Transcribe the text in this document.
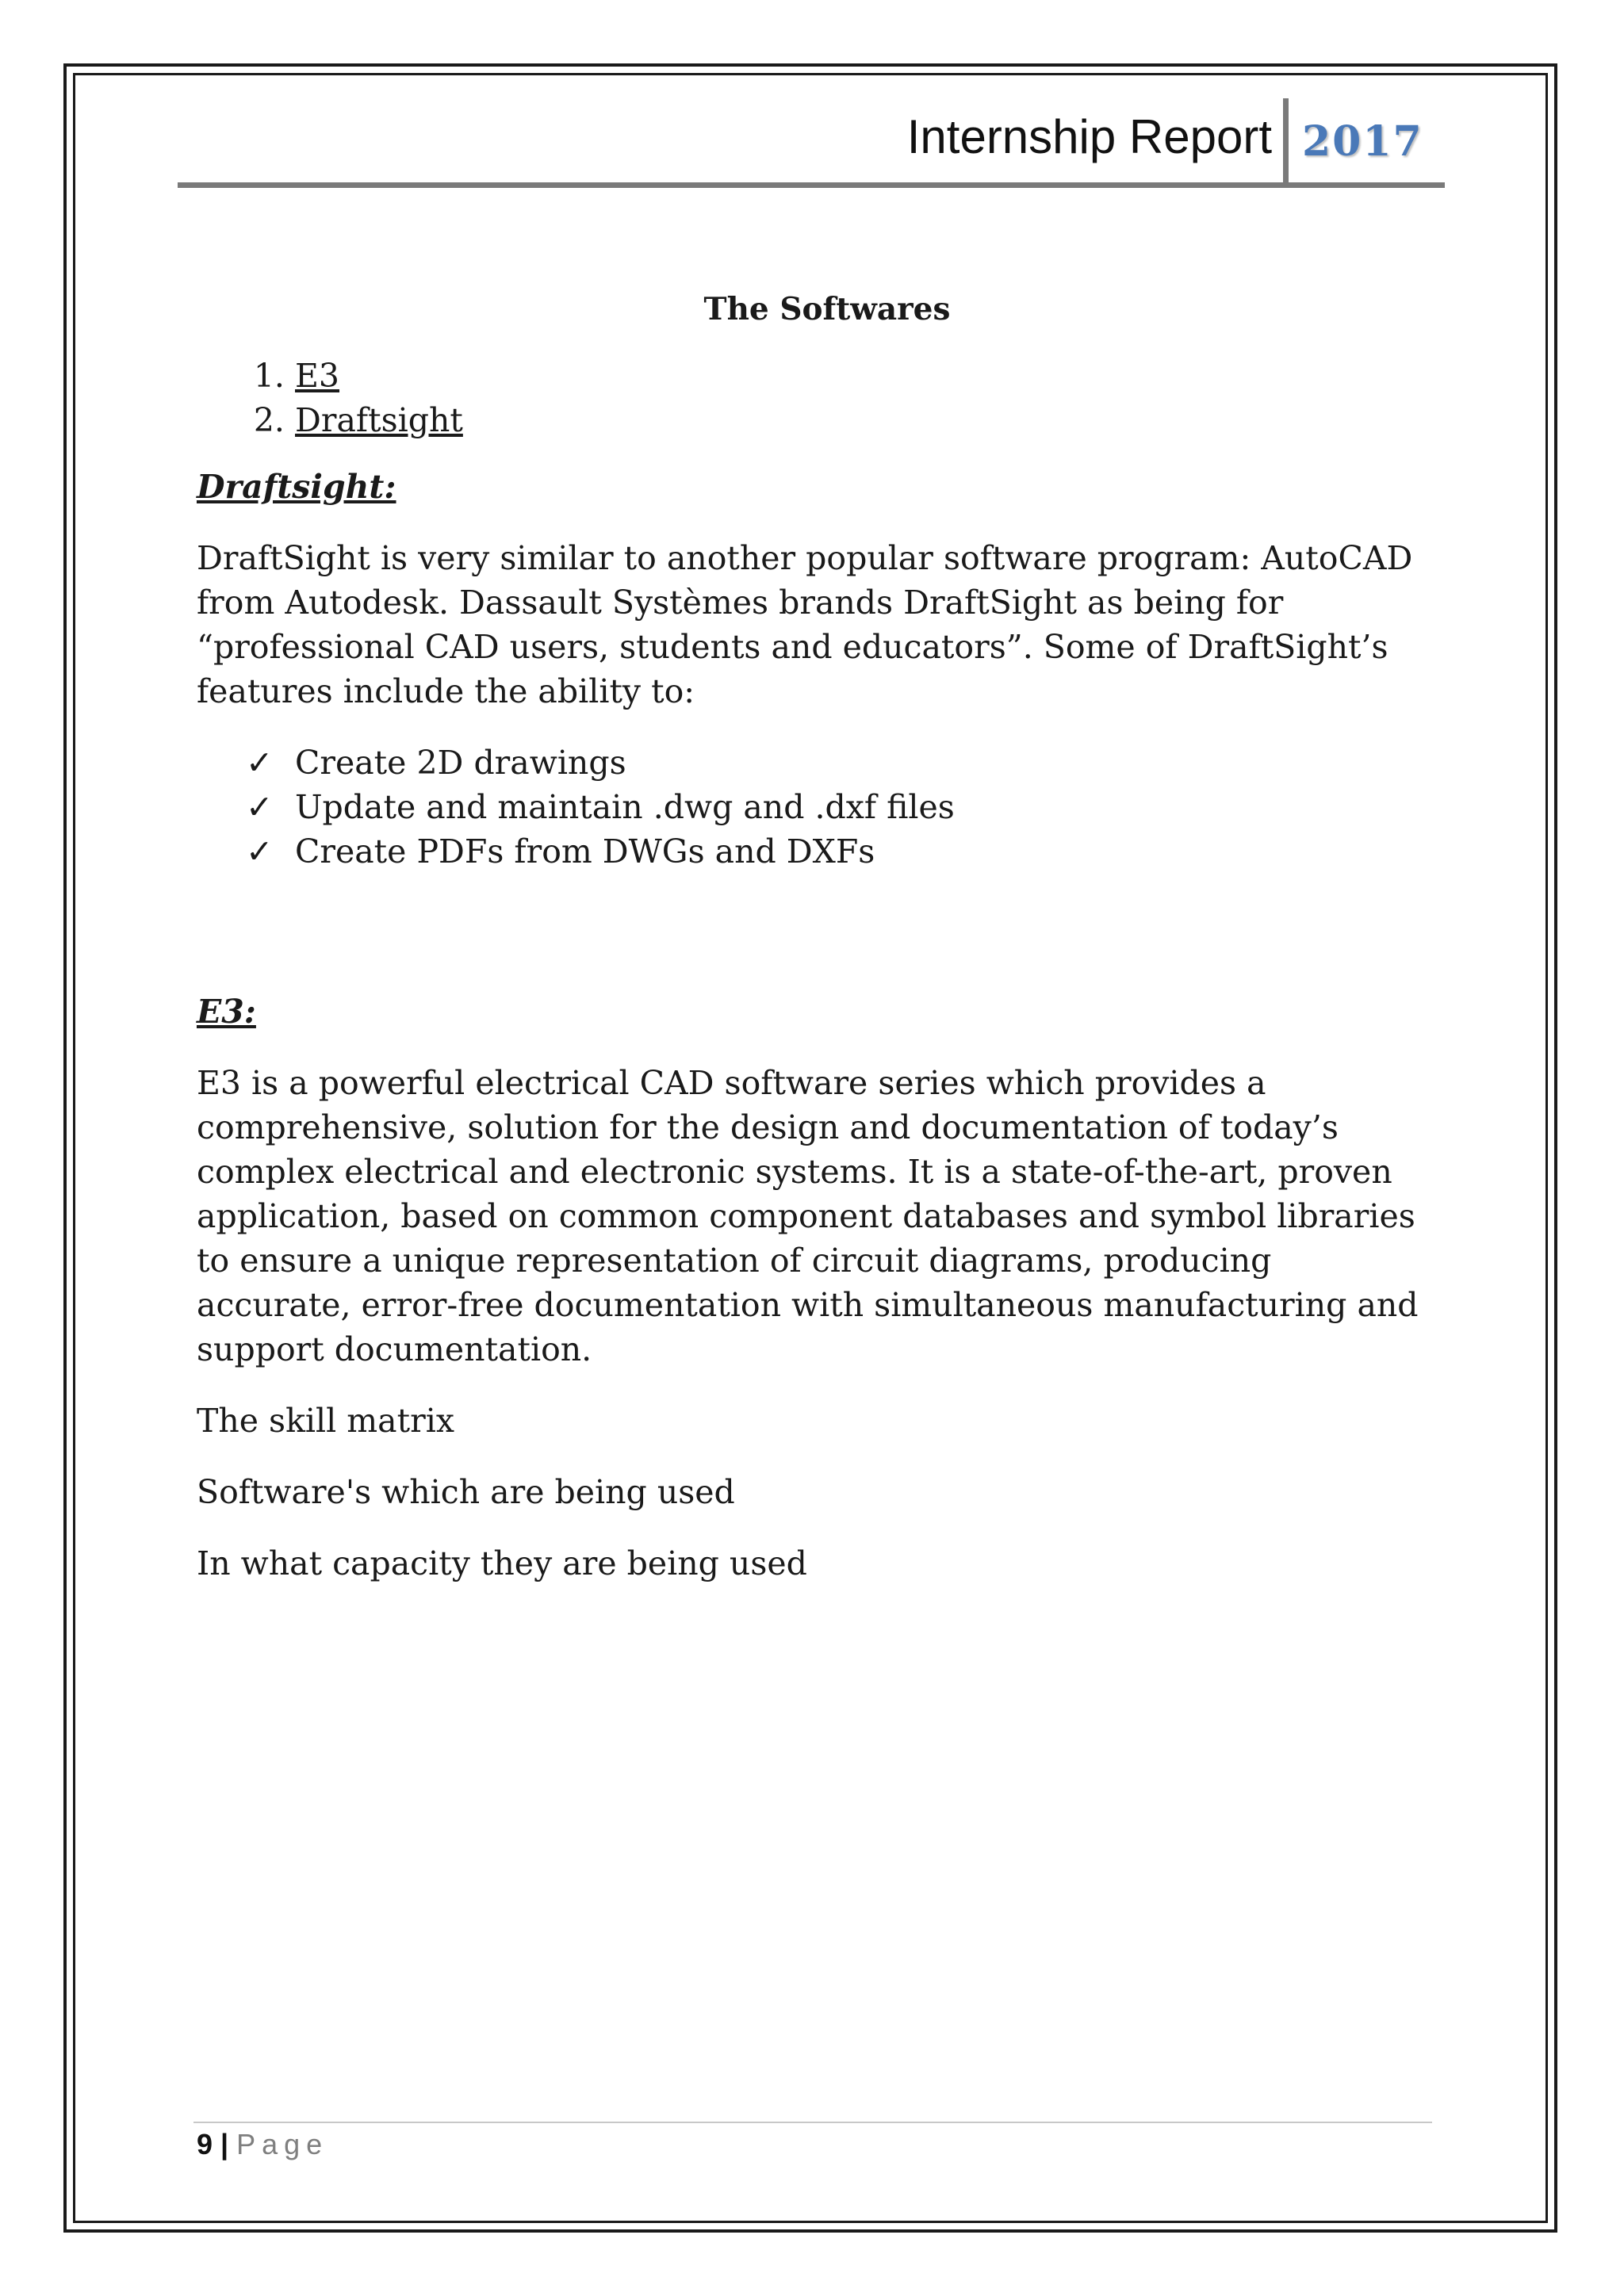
Internship Report 2017
The Softwares
1. E3
2. Draftsight
Draftsight:

DraftSight is very similar to another popular software program: AutoCAD from Autodesk. Dassault Systèmes brands DraftSight as being for “professional CAD users, students and educators”. Some of DraftSight’s features include the ability to:

✓ Create 2D drawings
✓ Update and maintain .dwg and .dxf files
✓ Create PDFs from DWGs and DXFs
E3:

E3 is a powerful electrical CAD software series which provides a comprehensive, solution for the design and documentation of today’s complex electrical and electronic systems. It is a state-of-the-art, proven application, based on common component databases and symbol libraries to ensure a unique representation of circuit diagrams, producing accurate, error-free documentation with simultaneous manufacturing and support documentation.

The skill matrix

Software's which are being used

In what capacity they are being used

9 | Page
